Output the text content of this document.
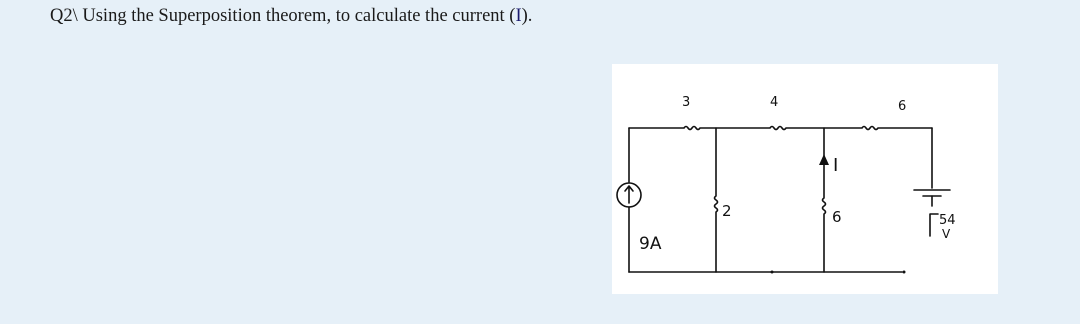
Q2\ Using the Superposition theorem, to calculate the current (I).
3	4	6
9A
2
I
6	54
V
